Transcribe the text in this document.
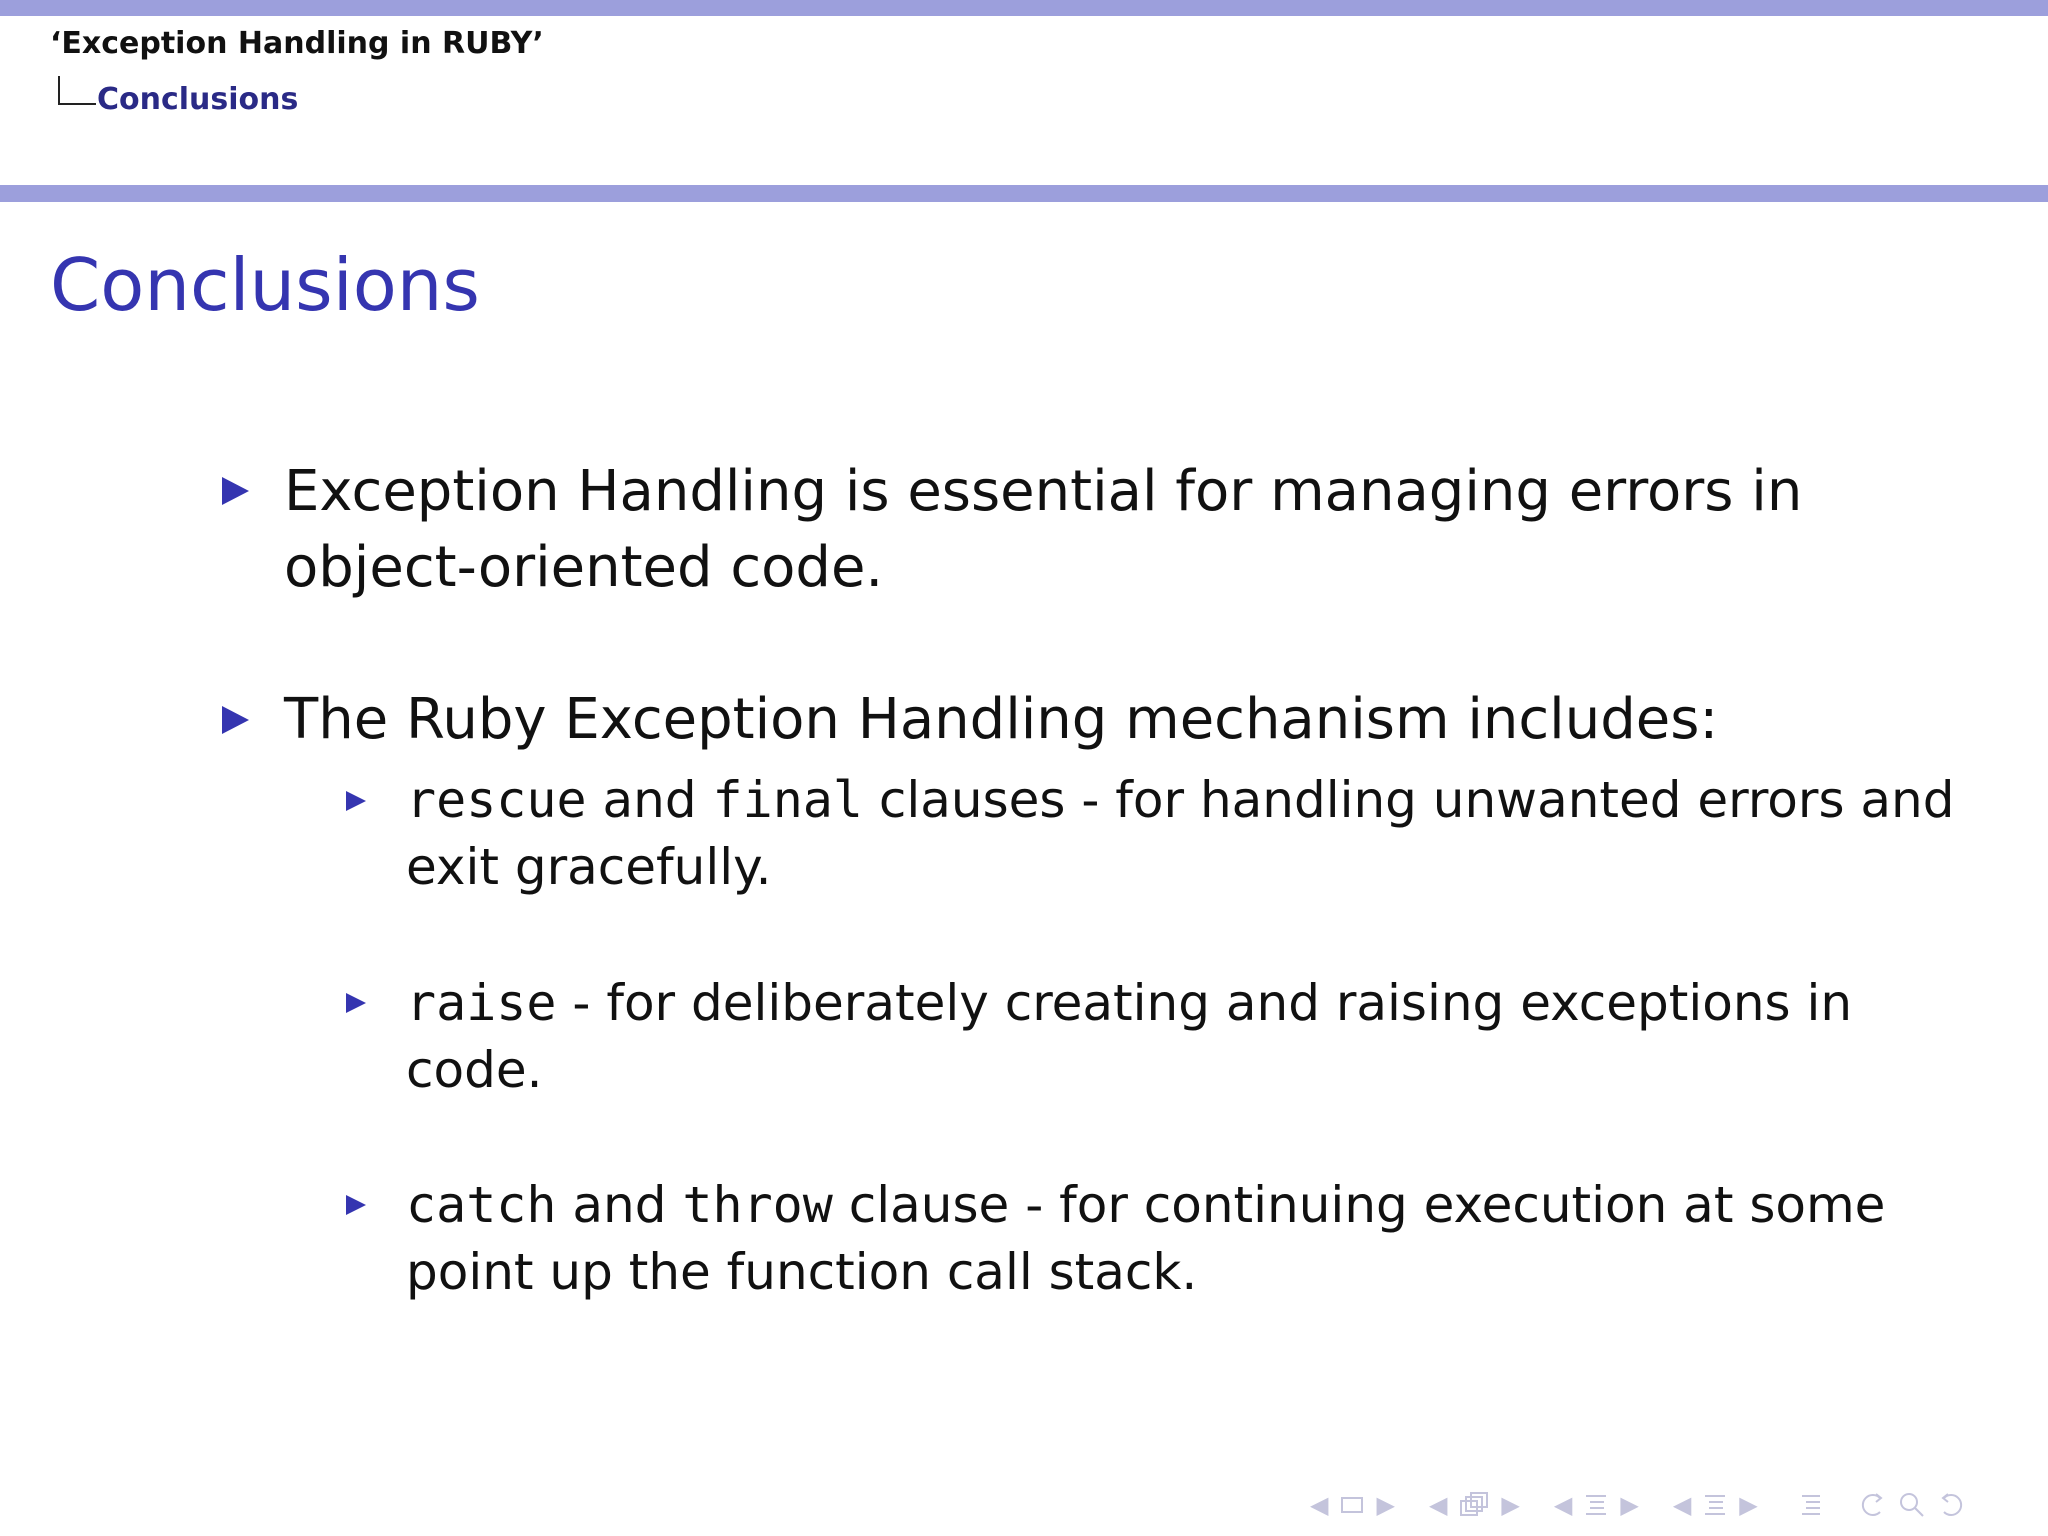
‘Exception Handling in RUBY’
Conclusions
Conclusions
Exception Handling is essential for managing errors in
object-oriented code.
The Ruby Exception Handling mechanism includes:
rescue and final clauses - for handling unwanted errors and
exit gracefully.
raise - for deliberately creating and raising exceptions in
code.
catch and throw clause - for continuing execution at some
point up the function call stack.
◀ ▶ ◀ ▶ ◀ ▶ ◀ ▶
